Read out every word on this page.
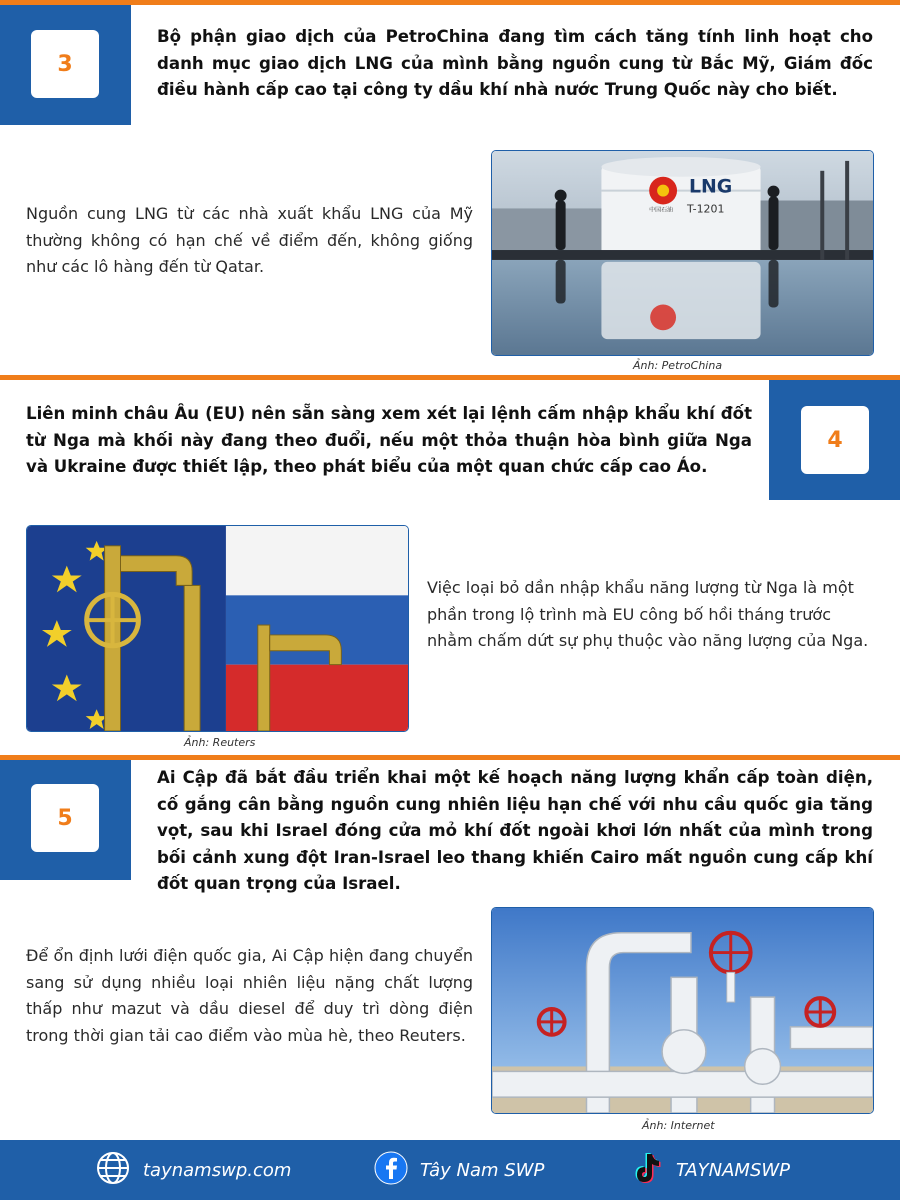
3
Bộ phận giao dịch của PetroChina đang tìm cách tăng tính linh hoạt cho danh mục giao dịch LNG của mình bằng nguồn cung từ Bắc Mỹ, Giám đốc điều hành cấp cao tại công ty dầu khí nhà nước Trung Quốc này cho biết.
Nguồn cung LNG từ các nhà xuất khẩu LNG của Mỹ thường không có hạn chế về điểm đến, không giống như các lô hàng đến từ Qatar.
LNG
T-1201
中国石油
Ảnh: PetroChina
4
Liên minh châu Âu (EU) nên sẵn sàng xem xét lại lệnh cấm nhập khẩu khí đốt từ Nga mà khối này đang theo đuổi, nếu một thỏa thuận hòa bình giữa Nga và Ukraine được thiết lập, theo phát biểu của một quan chức cấp cao Áo.
Ảnh: Reuters
Việc loại bỏ dần nhập khẩu năng lượng từ Nga là một phần trong lộ trình mà EU công bố hồi tháng trước nhằm chấm dứt sự phụ thuộc vào năng lượng của Nga.
5
Ai Cập đã bắt đầu triển khai một kế hoạch năng lượng khẩn cấp toàn diện, cố gắng cân bằng nguồn cung nhiên liệu hạn chế với nhu cầu quốc gia tăng vọt, sau khi Israel đóng cửa mỏ khí đốt ngoài khơi lớn nhất của mình trong bối cảnh xung đột Iran-Israel leo thang khiến Cairo mất nguồn cung cấp khí đốt quan trọng của Israel.
Để ổn định lưới điện quốc gia, Ai Cập hiện đang chuyển sang sử dụng nhiều loại nhiên liệu nặng chất lượng thấp như mazut và dầu diesel để duy trì dòng điện trong thời gian tải cao điểm vào mùa hè, theo Reuters.
Ảnh: Internet
taynamswp.com	Tây Nam SWP	TAYNAMSWP
